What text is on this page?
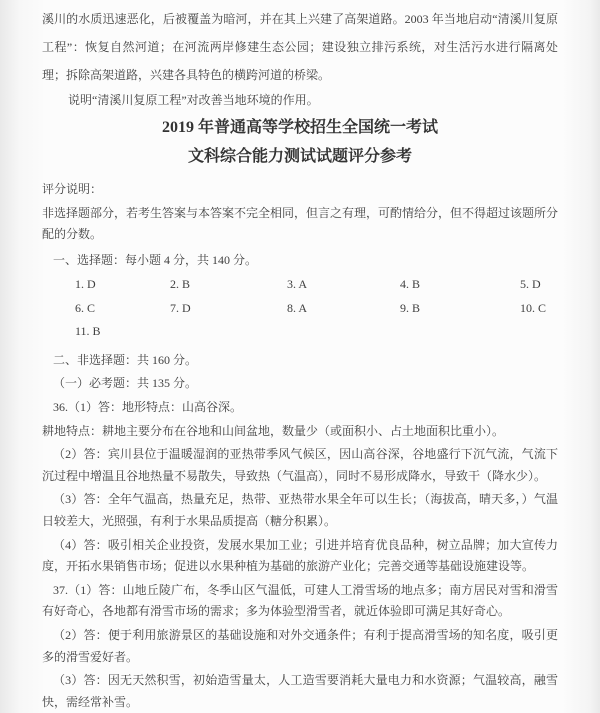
溪川的水质迅速恶化，后被覆盖为暗河，并在其上兴建了高架道路。2003 年当地启动“清溪川复原工程”：恢复自然河道；在河流两岸修建生态公园；建设独立排污系统，对生活污水进行隔离处理；拆除高架道路，兴建各具特色的横跨河道的桥梁。

说明“清溪川复原工程”对改善当地环境的作用。

2019 年普通高等学校招生全国统一考试
文科综合能力测试试题评分参考

评分说明：

非选择题部分，若考生答案与本答案不完全相同，但言之有理，可酌情给分，但不得超过该题所分配的分数。

一、选择题：每小题 4 分，共 140 分。

1. D	2. B	3. A	4. B	5. D
6. C	7. D	8. A	9. B	10. C
11. B

二、非选择题：共 160 分。

（一）必考题：共 135 分。

36.（1）答：地形特点：山高谷深。

耕地特点：耕地主要分布在谷地和山间盆地，数量少（或面积小、占土地面积比重小）。

（2）答：宾川县位于温暖湿润的亚热带季风气候区，因山高谷深，谷地盛行下沉气流，气流下沉过程中增温且谷地热量不易散失，导致热（气温高），同时不易形成降水，导致干（降水少）。

（3）答：全年气温高，热量充足，热带、亚热带水果全年可以生长；（海拔高，晴天多，）气温日较差大，光照强，有利于水果品质提高（糖分积累）。

（4）答：吸引相关企业投资，发展水果加工业；引进并培育优良品种，树立品牌；加大宣传力度，开拓水果销售市场；促进以水果种植为基础的旅游产业化；完善交通等基础设施建设等。

37.（1）答：山地丘陵广布，冬季山区气温低，可建人工滑雪场的地点多；南方居民对雪和滑雪有好奇心，各地都有滑雪市场的需求；多为体验型滑雪者，就近体验即可满足其好奇心。

（2）答：便于利用旅游景区的基础设施和对外交通条件；有利于提高滑雪场的知名度，吸引更多的滑雪爱好者。

（3）答：因无天然积雪，初始造雪量太，人工造雪要消耗大量电力和水资源；气温较高，融雪快，需经常补雪。
